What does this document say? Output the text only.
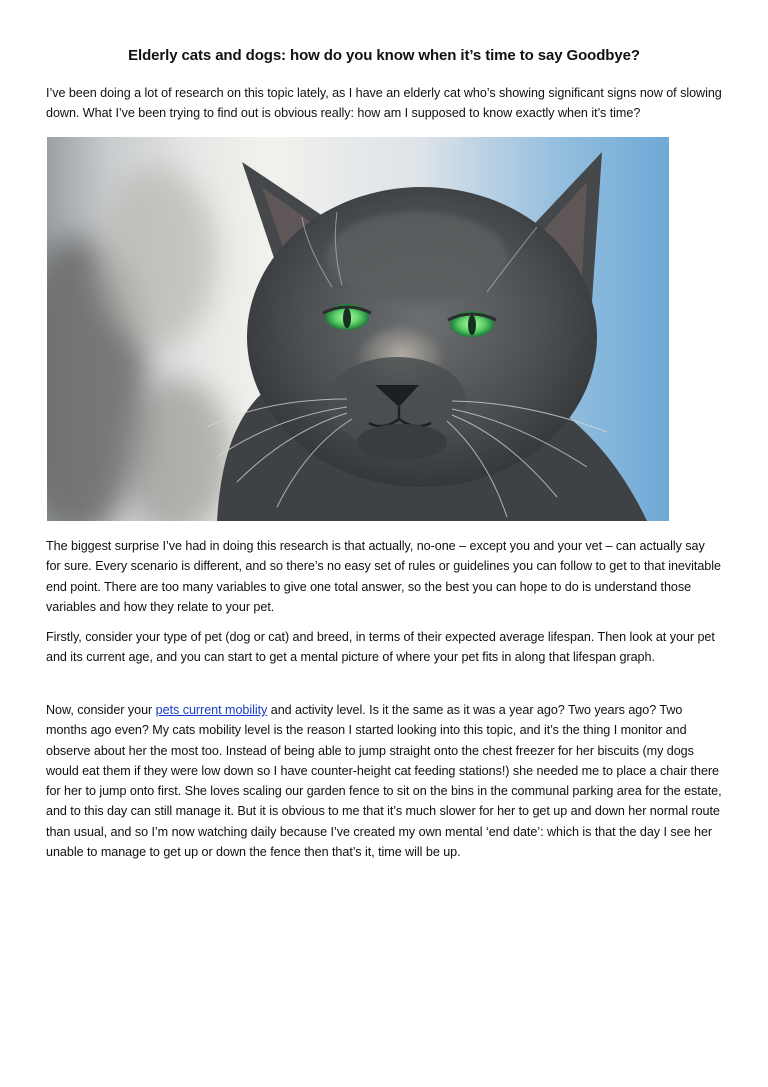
Elderly cats and dogs: how do you know when it’s time to say Goodbye?

I’ve been doing a lot of research on this topic lately, as I have an elderly cat who’s showing significant signs now of slowing down. What I’ve been trying to find out is obvious really: how am I supposed to know exactly when it’s time?

The biggest surprise I’ve had in doing this research is that actually, no-one – except you and your vet – can actually say for sure. Every scenario is different, and so there’s no easy set of rules or guidelines you can follow to get to that inevitable end point. There are too many variables to give one total answer, so the best you can hope to do is understand those variables and how they relate to your pet.

Firstly, consider your type of pet (dog or cat) and breed, in terms of their expected average lifespan. Then look at your pet and its current age, and you can start to get a mental picture of where your pet fits in along that lifespan graph.

Now, consider your pets current mobility and activity level. Is it the same as it was a year ago? Two years ago? Two months ago even? My cats mobility level is the reason I started looking into this topic, and it’s the thing I monitor and observe about her the most too. Instead of being able to jump straight onto the chest freezer for her biscuits (my dogs would eat them if they were low down so I have counter-height cat feeding stations!) she needed me to place a chair there for her to jump onto first. She loves scaling our garden fence to sit on the bins in the communal parking area for the estate, and to this day can still manage it. But it is obvious to me that it’s much slower for her to get up and down her normal route than usual, and so I’m now watching daily because I’ve created my own mental ‘end date’: which is that the day I see her unable to manage to get up or down the fence then that’s it, time will be up.
